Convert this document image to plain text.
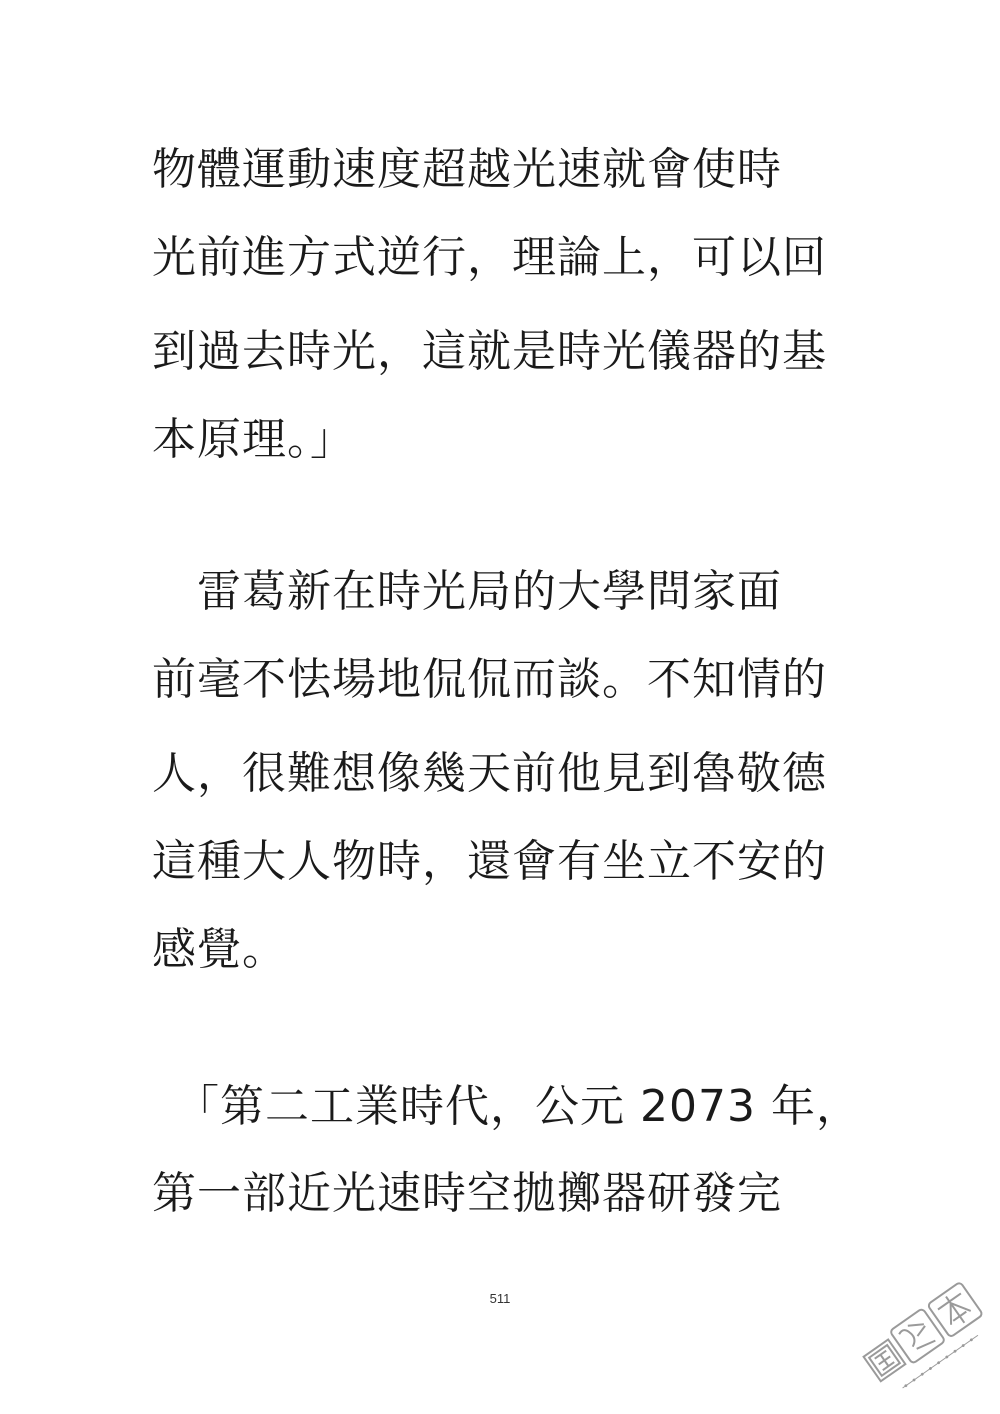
物體運動速度超越光速就會使時
光前進方式逆行，理論上，可以回
到過去時光，這就是時光儀器的基
本原理。」
　雷葛新在時光局的大學問家面
前毫不怯場地侃侃而談。不知情的
人，很難想像幾天前他見到魯敬德
這種大人物時，還會有坐立不安的
感覺。
　「第二工業時代，公元 2073 年，
第一部近光速時空拋擲器研發完
511
